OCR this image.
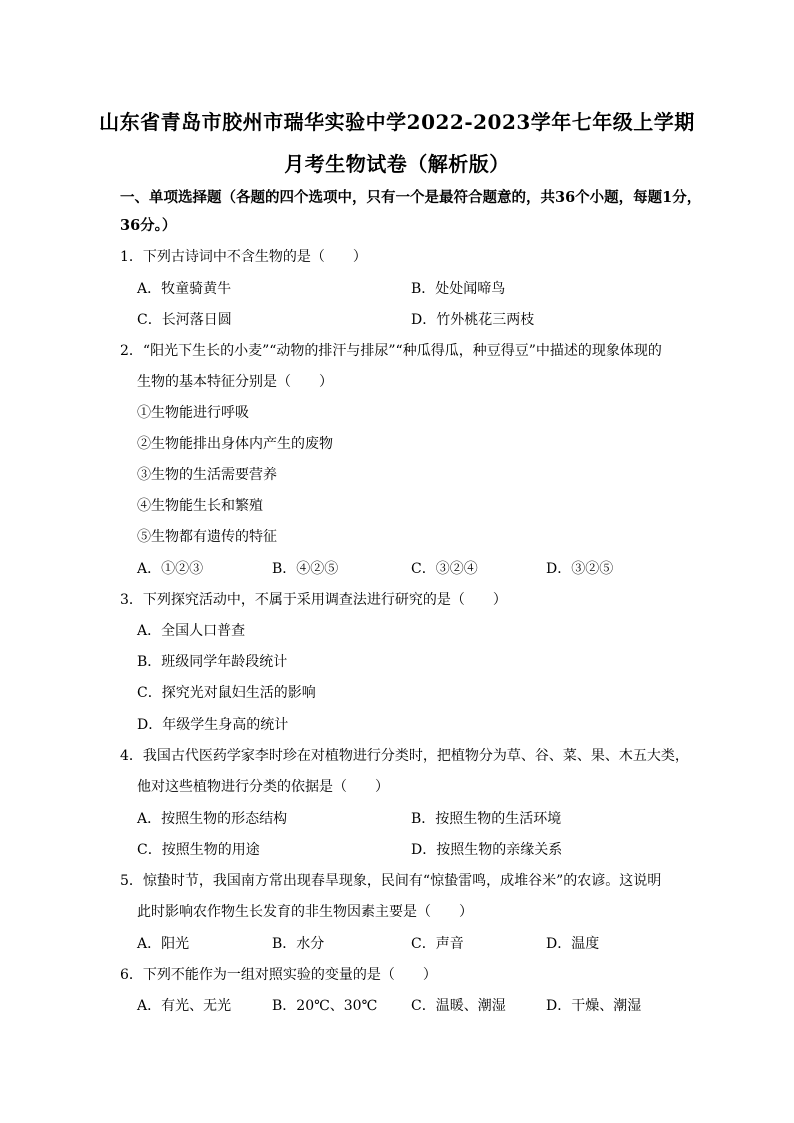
山东省青岛市胶州市瑞华实验中学2022-2023学年七年级上学期
月考生物试卷（解析版）
一、单项选择题（各题的四个选项中，只有一个是最符合题意的，共36个小题，每题1分，
36分。）
1．下列古诗词中不含生物的是（　　）
A．牧童骑黄牛	B．处处闻啼鸟
C．长河落日圆	D．竹外桃花三两枝
2．“阳光下生长的小麦”“动物的排汗与排尿”“种瓜得瓜，种豆得豆”中描述的现象体现的
生物的基本特征分别是（　　）
①生物能进行呼吸
②生物能排出身体内产生的废物
③生物的生活需要营养
④生物能生长和繁殖
⑤生物都有遗传的特征
A．①②③	B．④②⑤	C．③②④	D．③②⑤
3．下列探究活动中，不属于采用调查法进行研究的是（　　）
A．全国人口普查
B．班级同学年龄段统计
C．探究光对鼠妇生活的影响
D．年级学生身高的统计
4．我国古代医药学家李时珍在对植物进行分类时，把植物分为草、谷、菜、果、木五大类，
他对这些植物进行分类的依据是（　　）
A．按照生物的形态结构	B．按照生物的生活环境
C．按照生物的用途	D．按照生物的亲缘关系
5．惊蛰时节，我国南方常出现春旱现象，民间有“惊蛰雷鸣，成堆谷米”的农谚。这说明
此时影响农作物生长发育的非生物因素主要是（　　）
A．阳光	B．水分	C．声音	D．温度
6．下列不能作为一组对照实验的变量的是（　　）
A．有光、无光	B．20℃、30℃ C．温暖、潮湿	D．干燥、潮湿
